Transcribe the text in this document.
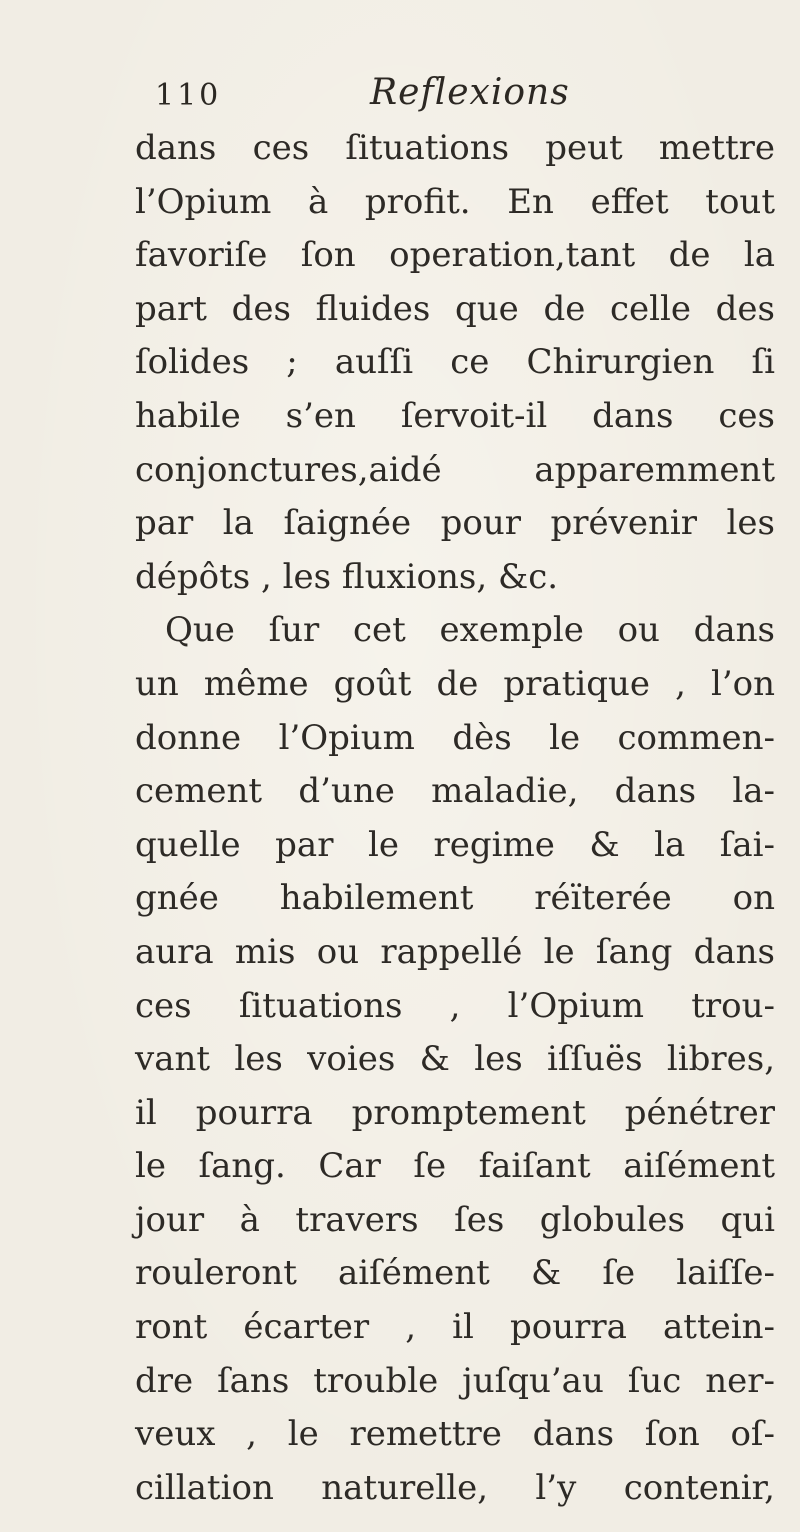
110	Reflexions
dans ces ſituations peut mettre
l’Opium à profit. En effet tout
favoriſe ſon operation,tant de la
part des fluides que de celle des
ſolides ; auſſi ce Chirurgien ſi
habile s’en ſervoit-il dans ces
conjonctures,aidé apparemment
par la ſaignée pour prévenir les
dépôts , les fluxions, &c.
Que ſur cet exemple ou dans
un même goût de pratique , l’on
donne l’Opium dès le commen-
cement d’une maladie, dans la-
quelle par le regime & la ſai-
gnée habilement réïterée on
aura mis ou rappellé le ſang dans
ces ſituations , l’Opium trou-
vant les voies & les iſſuës libres,
il pourra promptement pénétrer
le ſang. Car ſe faiſant aiſément
jour à travers ſes globules qui
rouleront aiſément & ſe laiſſe-
ront écarter , il pourra attein-
dre ſans trouble juſqu’au ſuc ner-
veux , le remettre dans ſon oſ-
cillation naturelle, l’y contenir,
